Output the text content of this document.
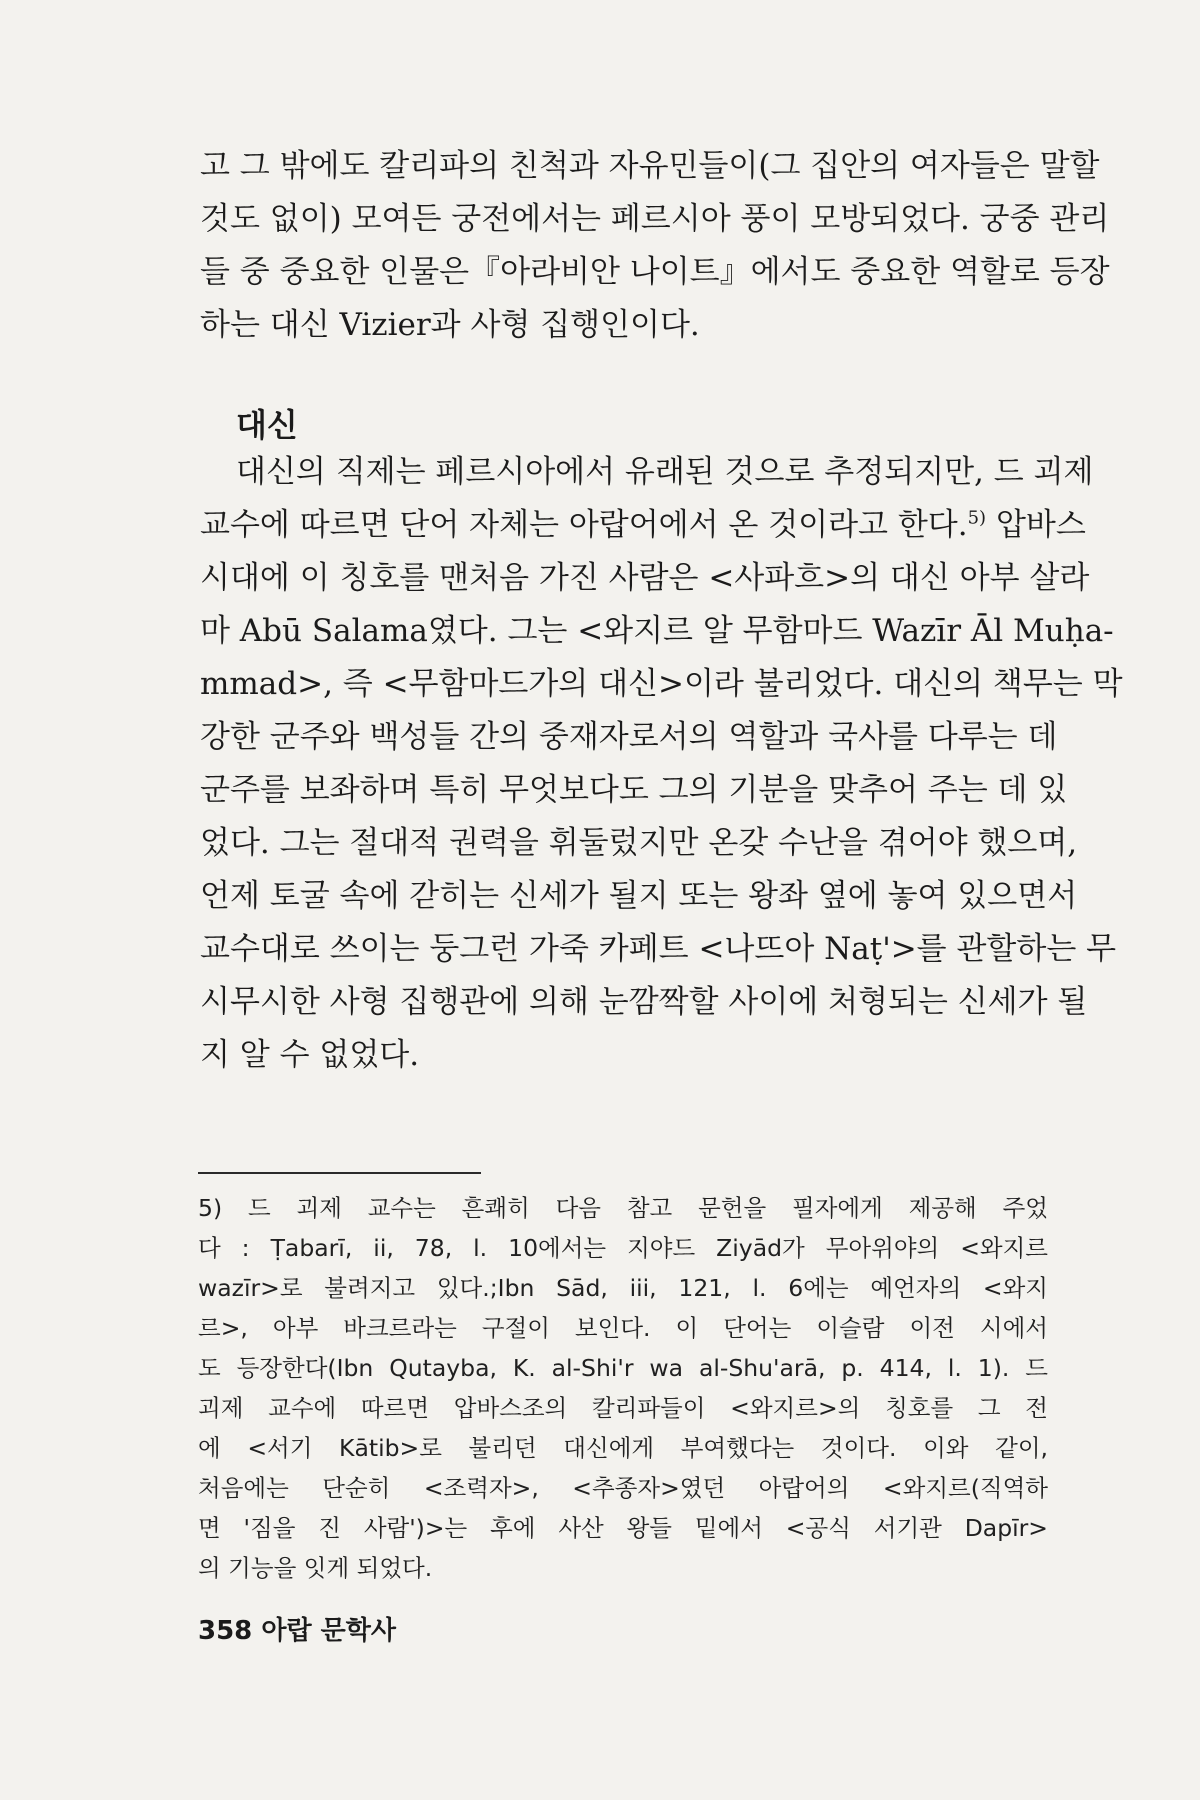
고 그 밖에도 칼리파의 친척과 자유민들이(그 집안의 여자들은 말할
것도 없이) 모여든 궁전에서는 페르시아 풍이 모방되었다. 궁중 관리
들 중 중요한 인물은『아라비안 나이트』에서도 중요한 역할로 등장
하는 대신 Vizier과 사형 집행인이다.
대신
대신의 직제는 페르시아에서 유래된 것으로 추정되지만, 드 괴제
교수에 따르면 단어 자체는 아랍어에서 온 것이라고 한다.$^{5)}$ 압바스
시대에 이 칭호를 맨처음 가진 사람은 <사파흐>의 대신 아부 살라
마 Abū Salama였다. 그는 <와지르 알 무함마드 Wazīr Āl Muḥa-
mmad>, 즉 <무함마드가의 대신>이라 불리었다. 대신의 책무는 막
강한 군주와 백성들 간의 중재자로서의 역할과 국사를 다루는 데
군주를 보좌하며 특히 무엇보다도 그의 기분을 맞추어 주는 데 있
었다. 그는 절대적 권력을 휘둘렀지만 온갖 수난을 겪어야 했으며,
언제 토굴 속에 갇히는 신세가 될지 또는 왕좌 옆에 놓여 있으면서
교수대로 쓰이는 둥그런 가죽 카페트 <나뜨아 Naṭ'>를 관할하는 무
시무시한 사형 집행관에 의해 눈깜짝할 사이에 처형되는 신세가 될
지 알 수 없었다.
5) 드 괴제 교수는 흔쾌히 다음 참고 문헌을 필자에게 제공해 주었
다 : Ṭabarī, ii, 78, l. 10에서는 지야드 Ziyād가 무아위야의 <와지르
wazīr>로 불려지고 있다.;Ibn Sād, iii, 121, l. 6에는 예언자의 <와지
르>, 아부 바크르라는 구절이 보인다. 이 단어는 이슬람 이전 시에서
도 등장한다(Ibn Qutayba, K. al-Shi'r wa al-Shu'arā, p. 414, l. 1). 드
괴제 교수에 따르면 압바스조의 칼리파들이 <와지르>의 칭호를 그 전
에 <서기 Kātib>로 불리던 대신에게 부여했다는 것이다. 이와 같이,
처음에는 단순히 <조력자>, <추종자>였던 아랍어의 <와지르(직역하
면 '짐을 진 사람')>는 후에 사산 왕들 밑에서 <공식 서기관 Dapīr>
의 기능을 잇게 되었다.
358 아랍 문학사
